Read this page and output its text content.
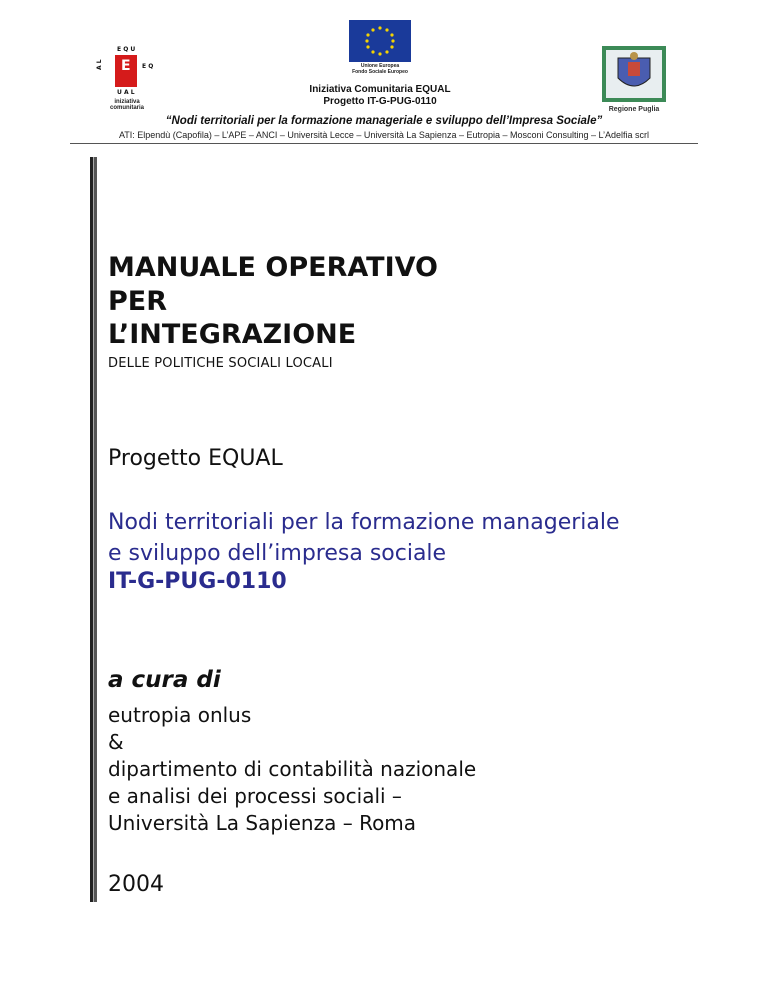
E Q U
A L	E Q
U A L
E
iniziativa comunitaria
Unione Europea
Fondo Sociale Europeo
Iniziativa Comunitaria EQUAL
Progetto IT-G-PUG-0110
Regione Puglia
“Nodi territoriali per la formazione manageriale e sviluppo dell’Impresa Sociale”
ATI: Elpendù (Capofila) – L’APE – ANCI – Università Lecce – Università La Sapienza – Eutropia – Mosconi Consulting – L’Adelfia scrl
MANUALE OPERATIVO
PER
L’INTEGRAZIONE
DELLE POLITICHE SOCIALI LOCALI
Progetto EQUAL
Nodi territoriali per la formazione manageriale
e sviluppo dell’impresa sociale
IT-G-PUG-0110
a cura di
eutropia onlus
&
dipartimento di contabilità nazionale
e analisi dei processi sociali –
Università La Sapienza – Roma
2004
